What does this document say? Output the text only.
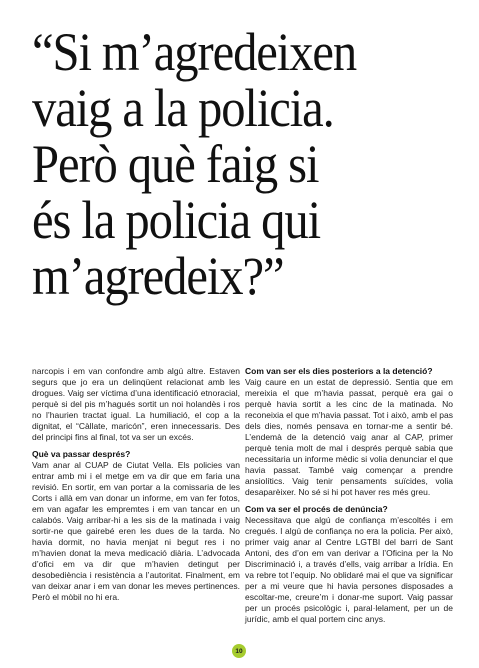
“Si m’agredeixen
vaig a la policia.
Però què faig si
és la policia qui
m’agredeix?”

narcopis i em van confondre amb algú altre. Estaven segurs que jo era un delinqüent relacionat amb les drogues. Vaig ser víctima d’una identificació etnoracial, perquè si del pis m’hagués sortit un noi holandès i ros no l’haurien tractat igual. La humiliació, el cop a la dignitat, el “Càllate, maricón”, eren innecessaris. Des del principi fins al final, tot va ser un excés.

Què va passar després?

Vam anar al CUAP de Ciutat Vella. Els policies van entrar amb mi i el metge em va dir que em faria una revisió. En sortir, em van portar a la comissaria de les Corts i allà em van donar un informe, em van fer fotos, em van agafar les empremtes i em van tancar en un calabós. Vaig arribar-hi a les sis de la matinada i vaig sortir-ne que gairebé eren les dues de la tarda. No havia dormit, no havia menjat ni begut res i no m’havien donat la meva medicació diària. L’advocada d’ofici em va dir que m’havien detingut per desobediència i resistència a l’autoritat. Finalment, em van deixar anar i em van donar les meves pertinences. Però el mòbil no hi era.

Com van ser els dies posteriors a la detenció?

Vaig caure en un estat de depressió. Sentia que em mereixia el que m’havia passat, perquè era gai o perquè havia sortit a les cinc de la matinada. No reconeixia el que m’havia passat. Tot i això, amb el pas dels dies, només pensava en tornar-me a sentir bé. L’endemà de la detenció vaig anar al CAP, primer perquè tenia molt de mal i després perquè sabia que necessitaria un informe mèdic si volia denunciar el que havia passat. També vaig començar a prendre ansiolítics. Vaig tenir pensaments suïcides, volia desaparèixer. No sé si hi pot haver res més greu.

Com va ser el procés de denúncia?

Necessitava que algú de confiança m’escoltés i em cregués. I algú de confiança no era la policia. Per això, primer vaig anar al Centre LGTBI del barri de Sant Antoni, des d’on em van derivar a l’Oficina per la No Discriminació i, a través d’ells, vaig arribar a Irídia. En va rebre tot l’equip. No oblidaré mai el que va significar per a mi veure que hi havia persones disposades a escoltar-me, creure’m i donar-me suport. Vaig passar per un procés psicològic i, paral·lelament, per un de jurídic, amb el qual portem cinc anys.

10
